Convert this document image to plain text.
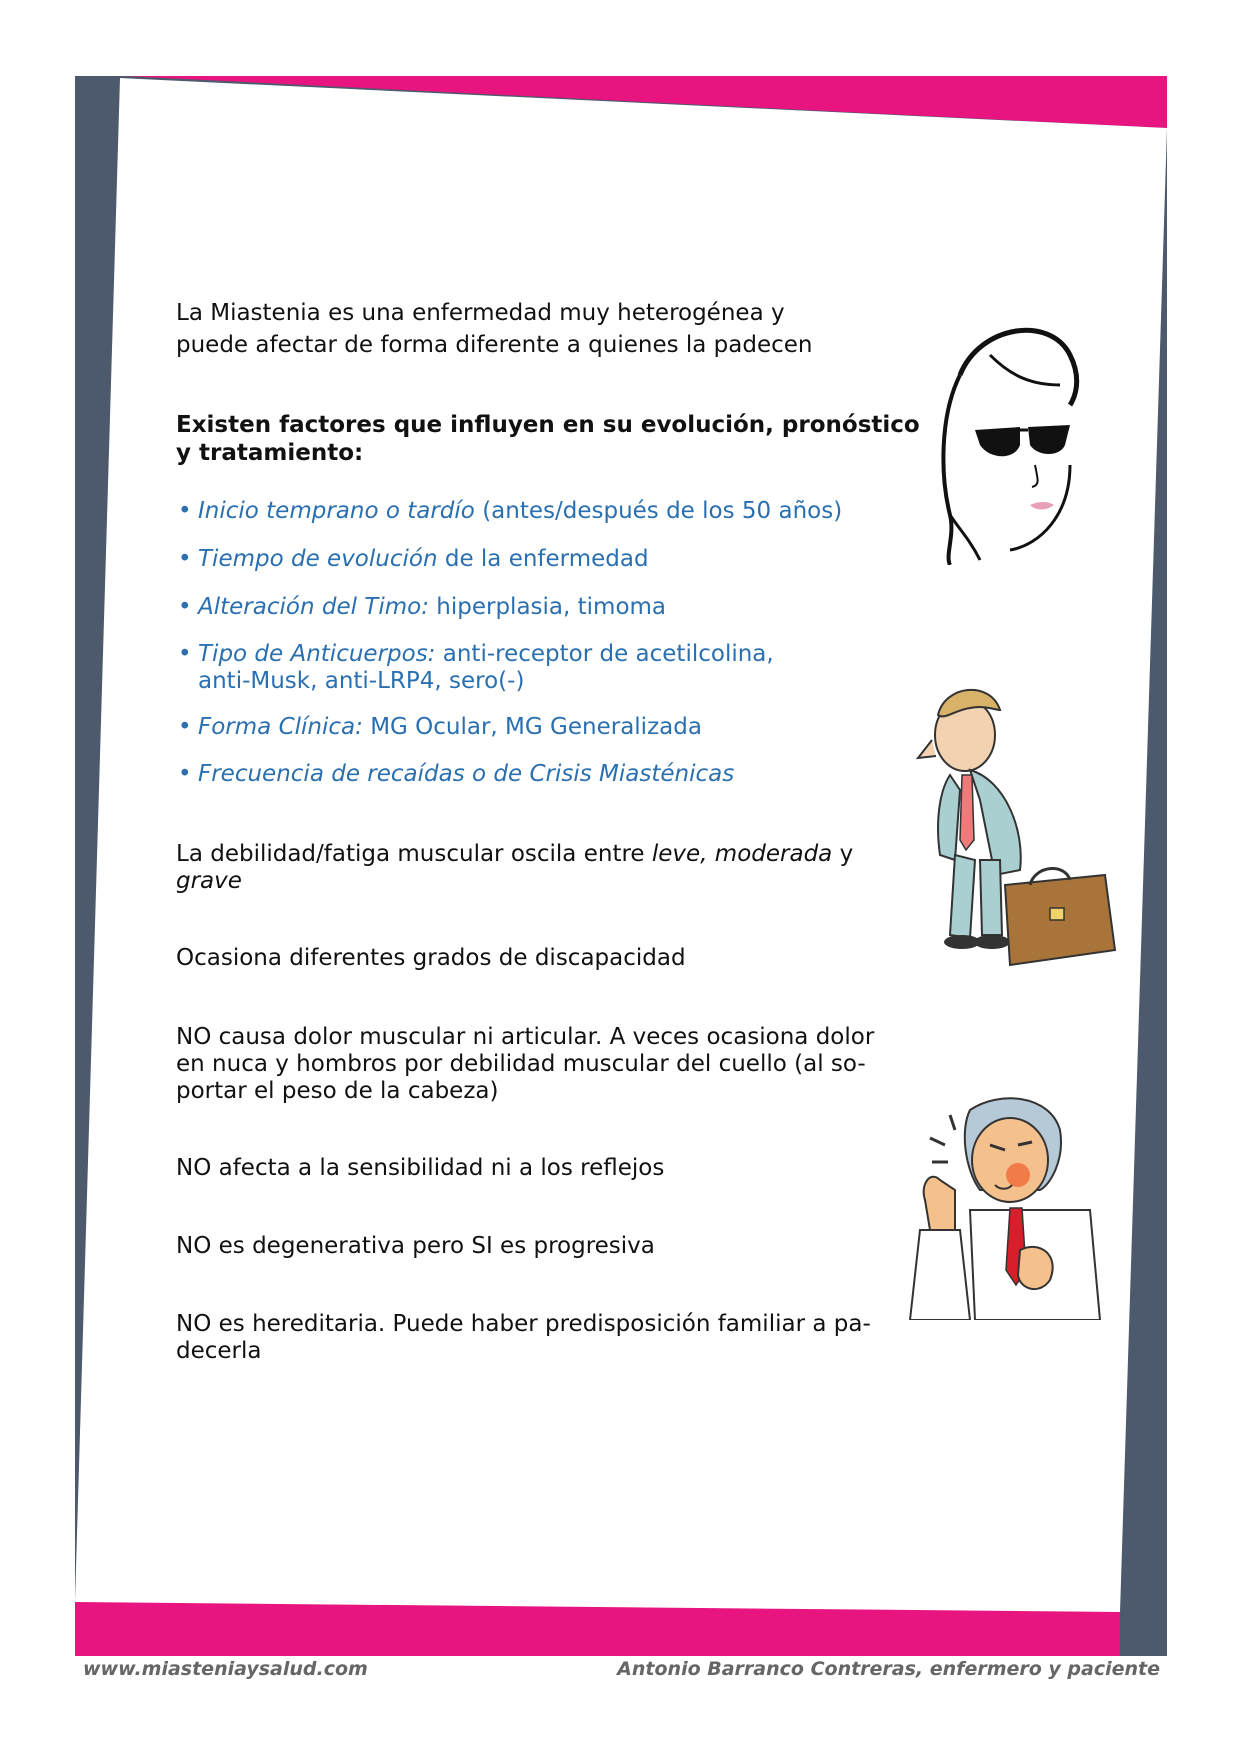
La Miastenia es una enfermedad muy heterogénea y
puede afectar de forma diferente a quienes la padecen
Existen factores que influyen en su evolución, pronóstico
y tratamiento:
• Inicio temprano o tardío (antes/después de los 50 años)
• Tiempo de evolución de la enfermedad
• Alteración del Timo: hiperplasia, timoma
• Tipo de Anticuerpos: anti-receptor de acetilcolina,
anti-Musk, anti-LRP4, sero(-)
• Forma Clínica: MG Ocular, MG Generalizada
• Frecuencia de recaídas o de Crisis Miasténicas
La debilidad/fatiga muscular oscila entre leve, moderada y
grave
Ocasiona diferentes grados de discapacidad
NO causa dolor muscular ni articular. A veces ocasiona dolor
en nuca y hombros por debilidad muscular del cuello (al so-
portar el peso de la cabeza)
NO afecta a la sensibilidad ni a los reflejos
NO es degenerativa pero SI es progresiva
NO es hereditaria. Puede haber predisposición familiar a pa-
decerla
www.miasteniaysalud.com	Antonio Barranco Contreras, enfermero y paciente
